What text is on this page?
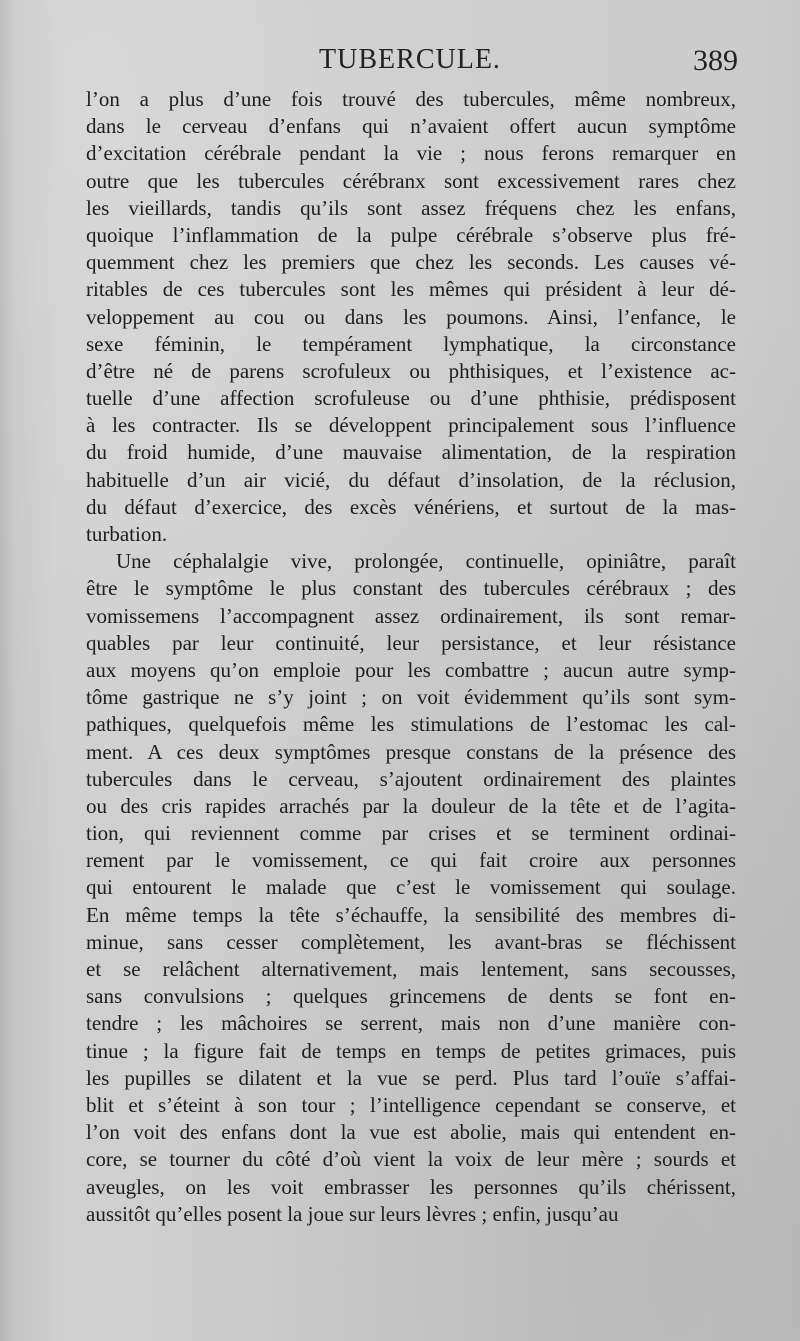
TUBERCULE.	389
l’on a plus d’une fois trouvé des tubercules, même nombreux,
dans le cerveau d’enfans qui n’avaient offert aucun symptôme
d’excitation cérébrale pendant la vie ; nous ferons remarquer en
outre que les tubercules cérébranx sont excessivement rares chez
les vieillards, tandis qu’ils sont assez fréquens chez les enfans,
quoique l’inflammation de la pulpe cérébrale s’observe plus fré-
quemment chez les premiers que chez les seconds. Les causes vé-
ritables de ces tubercules sont les mêmes qui président à leur dé-
veloppement au cou ou dans les poumons. Ainsi, l’enfance, le
sexe féminin, le tempérament lymphatique, la circonstance
d’être né de parens scrofuleux ou phthisiques, et l’existence ac-
tuelle d’une affection scrofuleuse ou d’une phthisie, prédisposent
à les contracter. Ils se développent principalement sous l’influence
du froid humide, d’une mauvaise alimentation, de la respiration
habituelle d’un air vicié, du défaut d’insolation, de la réclusion,
du défaut d’exercice, des excès vénériens, et surtout de la mas-
turbation.
Une céphalalgie vive, prolongée, continuelle, opiniâtre, paraît
être le symptôme le plus constant des tubercules cérébraux ; des
vomissemens l’accompagnent assez ordinairement, ils sont remar-
quables par leur continuité, leur persistance, et leur résistance
aux moyens qu’on emploie pour les combattre ; aucun autre symp-
tôme gastrique ne s’y joint ; on voit évidemment qu’ils sont sym-
pathiques, quelquefois même les stimulations de l’estomac les cal-
ment. A ces deux symptômes presque constans de la présence des
tubercules dans le cerveau, s’ajoutent ordinairement des plaintes
ou des cris rapides arrachés par la douleur de la tête et de l’agita-
tion, qui reviennent comme par crises et se terminent ordinai-
rement par le vomissement, ce qui fait croire aux personnes
qui entourent le malade que c’est le vomissement qui soulage.
En même temps la tête s’échauffe, la sensibilité des membres di-
minue, sans cesser complètement, les avant-bras se fléchissent
et se relâchent alternativement, mais lentement, sans secousses,
sans convulsions ; quelques grincemens de dents se font en-
tendre ; les mâchoires se serrent, mais non d’une manière con-
tinue ; la figure fait de temps en temps de petites grimaces, puis
les pupilles se dilatent et la vue se perd. Plus tard l’ouïe s’affai-
blit et s’éteint à son tour ; l’intelligence cependant se conserve, et
l’on voit des enfans dont la vue est abolie, mais qui entendent en-
core, se tourner du côté d’où vient la voix de leur mère ; sourds et
aveugles, on les voit embrasser les personnes qu’ils chérissent,
aussitôt qu’elles posent la joue sur leurs lèvres ; enfin, jusqu’au
